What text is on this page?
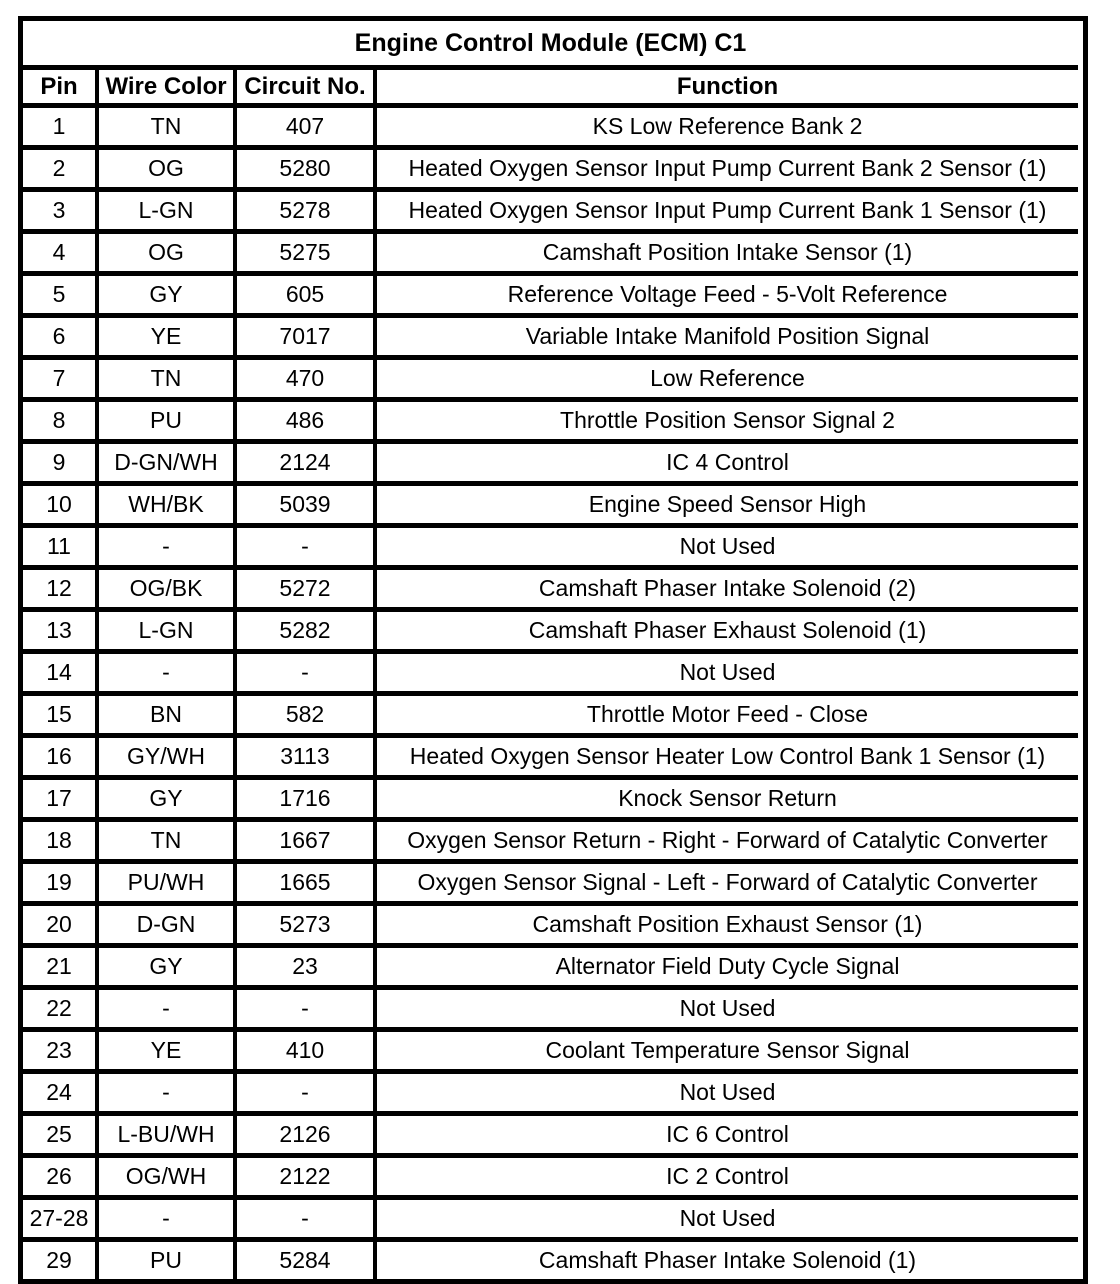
Engine Control Module (ECM) C1			
Pin	Wire Color	Circuit No.	Function
1	TN	407	KS Low Reference Bank 2
2	OG	5280	Heated Oxygen Sensor Input Pump Current Bank 2 Sensor (1)
3	L-GN	5278	Heated Oxygen Sensor Input Pump Current Bank 1 Sensor (1)
4	OG	5275	Camshaft Position Intake Sensor (1)
5	GY	605	Reference Voltage Feed - 5-Volt Reference
6	YE	7017	Variable Intake Manifold Position Signal
7	TN	470	Low Reference
8	PU	486	Throttle Position Sensor Signal 2
9	D-GN/WH	2124	IC 4 Control
10	WH/BK	5039	Engine Speed Sensor High
11	-	-	Not Used
12	OG/BK	5272	Camshaft Phaser Intake Solenoid (2)
13	L-GN	5282	Camshaft Phaser Exhaust Solenoid (1)
14	-	-	Not Used
15	BN	582	Throttle Motor Feed - Close
16	GY/WH	3113	Heated Oxygen Sensor Heater Low Control Bank 1 Sensor (1)
17	GY	1716	Knock Sensor Return
18	TN	1667	Oxygen Sensor Return - Right - Forward of Catalytic Converter
19	PU/WH	1665	Oxygen Sensor Signal - Left - Forward of Catalytic Converter
20	D-GN	5273	Camshaft Position Exhaust Sensor (1)
21	GY	23	Alternator Field Duty Cycle Signal
22	-	-	Not Used
23	YE	410	Coolant Temperature Sensor Signal
24	-	-	Not Used
25	L-BU/WH	2126	IC 6 Control
26	OG/WH	2122	IC 2 Control
27-28	-	-	Not Used
29	PU	5284	Camshaft Phaser Intake Solenoid (1)
